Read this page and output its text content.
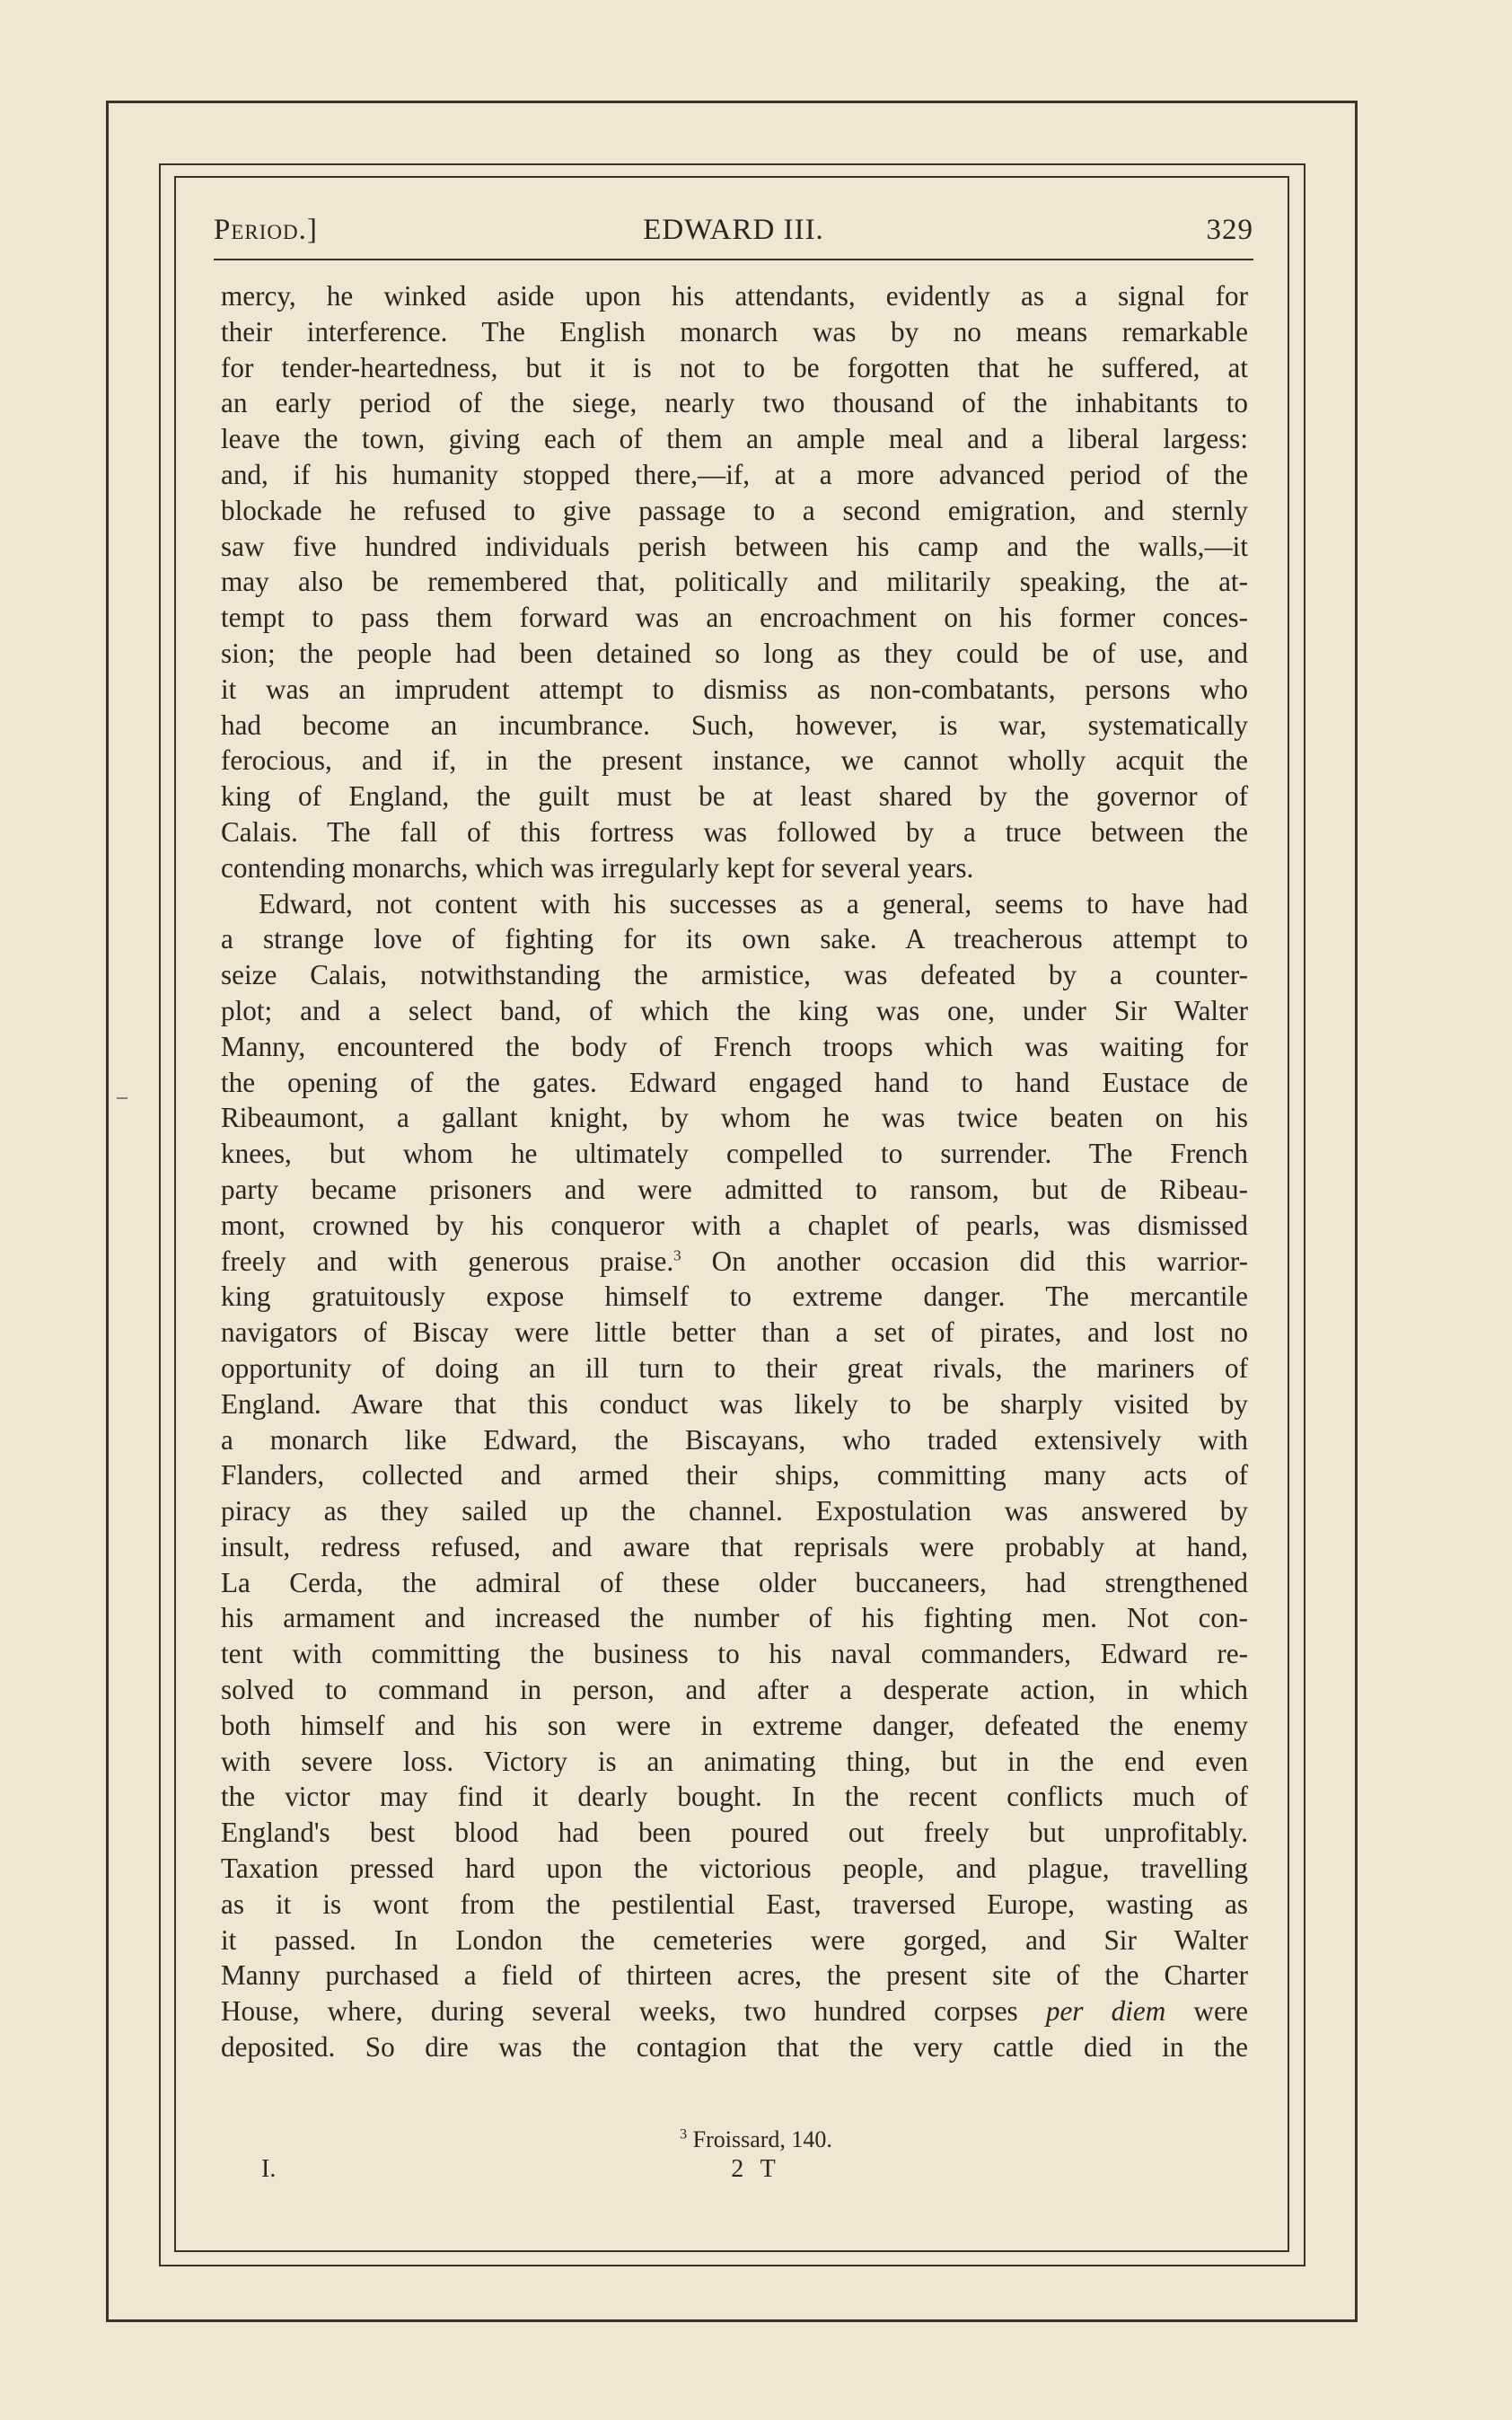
Period.]	EDWARD III.	329
mercy, he winked aside upon his attendants, evidently as a signal for
their interference. The English monarch was by no means remarkable
for tender-heartedness, but it is not to be forgotten that he suffered, at
an early period of the siege, nearly two thousand of the inhabitants to
leave the town, giving each of them an ample meal and a liberal largess:
and, if his humanity stopped there,—if, at a more advanced period of the
blockade he refused to give passage to a second emigration, and sternly
saw five hundred individuals perish between his camp and the walls,—it
may also be remembered that, politically and militarily speaking, the at-
tempt to pass them forward was an encroachment on his former conces-
sion; the people had been detained so long as they could be of use, and
it was an imprudent attempt to dismiss as non-combatants, persons who
had become an incumbrance. Such, however, is war, systematically
ferocious, and if, in the present instance, we cannot wholly acquit the
king of England, the guilt must be at least shared by the governor of
Calais. The fall of this fortress was followed by a truce between the
contending monarchs, which was irregularly kept for several years.
Edward, not content with his successes as a general, seems to have had
a strange love of fighting for its own sake. A treacherous attempt to
seize Calais, notwithstanding the armistice, was defeated by a counter-
plot; and a select band, of which the king was one, under Sir Walter
Manny, encountered the body of French troops which was waiting for
the opening of the gates. Edward engaged hand to hand Eustace de
Ribeaumont, a gallant knight, by whom he was twice beaten on his
knees, but whom he ultimately compelled to surrender. The French
party became prisoners and were admitted to ransom, but de Ribeau-
mont, crowned by his conqueror with a chaplet of pearls, was dismissed
freely and with generous praise.$^3$ On another occasion did this warrior-
king gratuitously expose himself to extreme danger. The mercantile
navigators of Biscay were little better than a set of pirates, and lost no
opportunity of doing an ill turn to their great rivals, the mariners of
England. Aware that this conduct was likely to be sharply visited by
a monarch like Edward, the Biscayans, who traded extensively with
Flanders, collected and armed their ships, committing many acts of
piracy as they sailed up the channel. Expostulation was answered by
insult, redress refused, and aware that reprisals were probably at hand,
La Cerda, the admiral of these older buccaneers, had strengthened
his armament and increased the number of his fighting men. Not con-
tent with committing the business to his naval commanders, Edward re-
solved to command in person, and after a desperate action, in which
both himself and his son were in extreme danger, defeated the enemy
with severe loss. Victory is an animating thing, but in the end even
the victor may find it dearly bought. In the recent conflicts much of
England's best blood had been poured out freely but unprofitably.
Taxation pressed hard upon the victorious people, and plague, travelling
as it is wont from the pestilential East, traversed Europe, wasting as
it passed. In London the cemeteries were gorged, and Sir Walter
Manny purchased a field of thirteen acres, the present site of the Charter
House, where, during several weeks, two hundred corpses per diem were
deposited. So dire was the contagion that the very cattle died in the
$^3$ Froissard, 140.
I.	2 T
